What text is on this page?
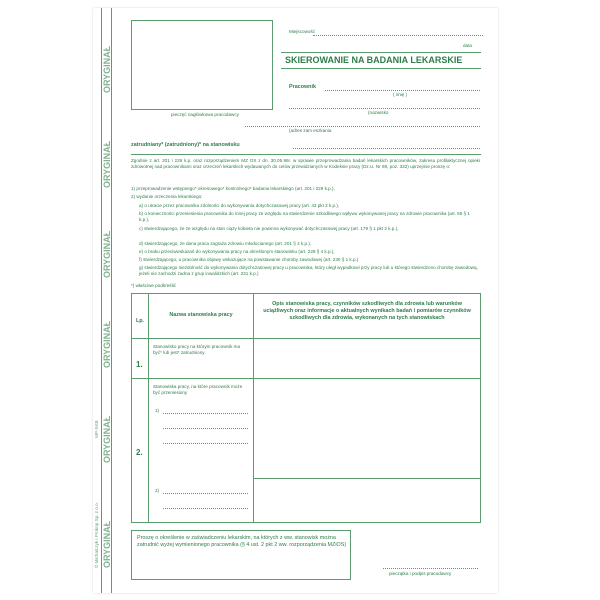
ORYGINAŁ
ORYGINAŁ
ORYGINAŁ
ORYGINAŁ
ORYGINAŁ
ORYGINAŁ
© Michalczyk i Prokop Sp. z o.o.
MP-SKB
pieczęć nagłówkowa pracodawcy
Miejscowość
data
SKIEROWANIE NA BADANIA LEKARSKIE
Pracownik
( imię )
(nazwisko
(adres zam eszkania
zatrudniany* (zatrudniony)* na stanowisku
Zgodnie z art. 201 i 229 k.p. oraz rozporządzeniem MZ OS z dn. 30.05.96r. w sprawie przeprowadzania badań lekarskich pracowników, zakresu profilaktycznej opieki zdrowotnej nad pracownikami oraz orzeczeń lekarskich wydawanych do celów przewidzianych w Kodeksie pracy (Dz.U. Nr 69, poz. 332) uprzejmie proszę o:
1) przeprowadzenie wstępnego* okresowego* kontrolnego* badania lekarskiego (art. 201 i 229 k.p.),
2) wydanie orzeczenia lekarskiego:
a) o utracie przez pracownika zdolności do wykonywania dotychczasowej pracy (art. 43 pkt 2 k.p.),
b) o konieczności przeniesienia pracownika do innej pracy ze względu na stwierdzenie szkodliwego wpływu wykonywanej pracy na zdrowie pracownika (art. 55 § 1 k.p.),
c) stwierdzającego, że ze względu na stan ciąży kobieta nie powinna wykonywać dotychczasowej pracy (art. 179 § 1 pkt 2 k.p.),
d) stwierdzającego, że dana praca zagraża zdrowiu młodocianego (art. 201 § 2 k.p.),
e) o braku przeciwwskazań do wykonywania pracy na określonym stanowisku (art. 229 § 4 k.p.),
f) stwierdzającego, u pracownika objawy wskazujące na powstawanie choroby zawodowej (art. 230 § 1 k.p.)
g) stwierdzającego niezdolność do wykonywania dotychczasowej pracy u pracownika, który uległ wypadkowi przy pracy lub u którego stwierdzono chorobę zawodową, jeżeli nie zachodzi żadna z grup inwalidzkich (art. 231 k.p.)
*) właściwe podkreślić
Lp.
Nazwa stanowiska pracy
Opis stanowiska pracy, czynników szkodliwych dla zdrowia lub warunków uciążliwych oraz informacje o aktualnych wynikach badań i pomiarów czynników szkodliwych dla zdrowia, wykonanych na tych stanowiskach
1.
Stanowisko pracy na którym pracownik ma być* lub jest* zatrudniony
2.
Stanowiska pracy, na które pracownik może być przeniesiony
1)
2)
Proszę o określenie w zaświadczeniu lekarskim, na których z ww. stanowisk można zatrudnić wyżej wymienionego pracownika (§ 4 ust. 2 pkt 2 ww. rozporządzenia MZiOS)
pieczątka i podpis pracodawcy
